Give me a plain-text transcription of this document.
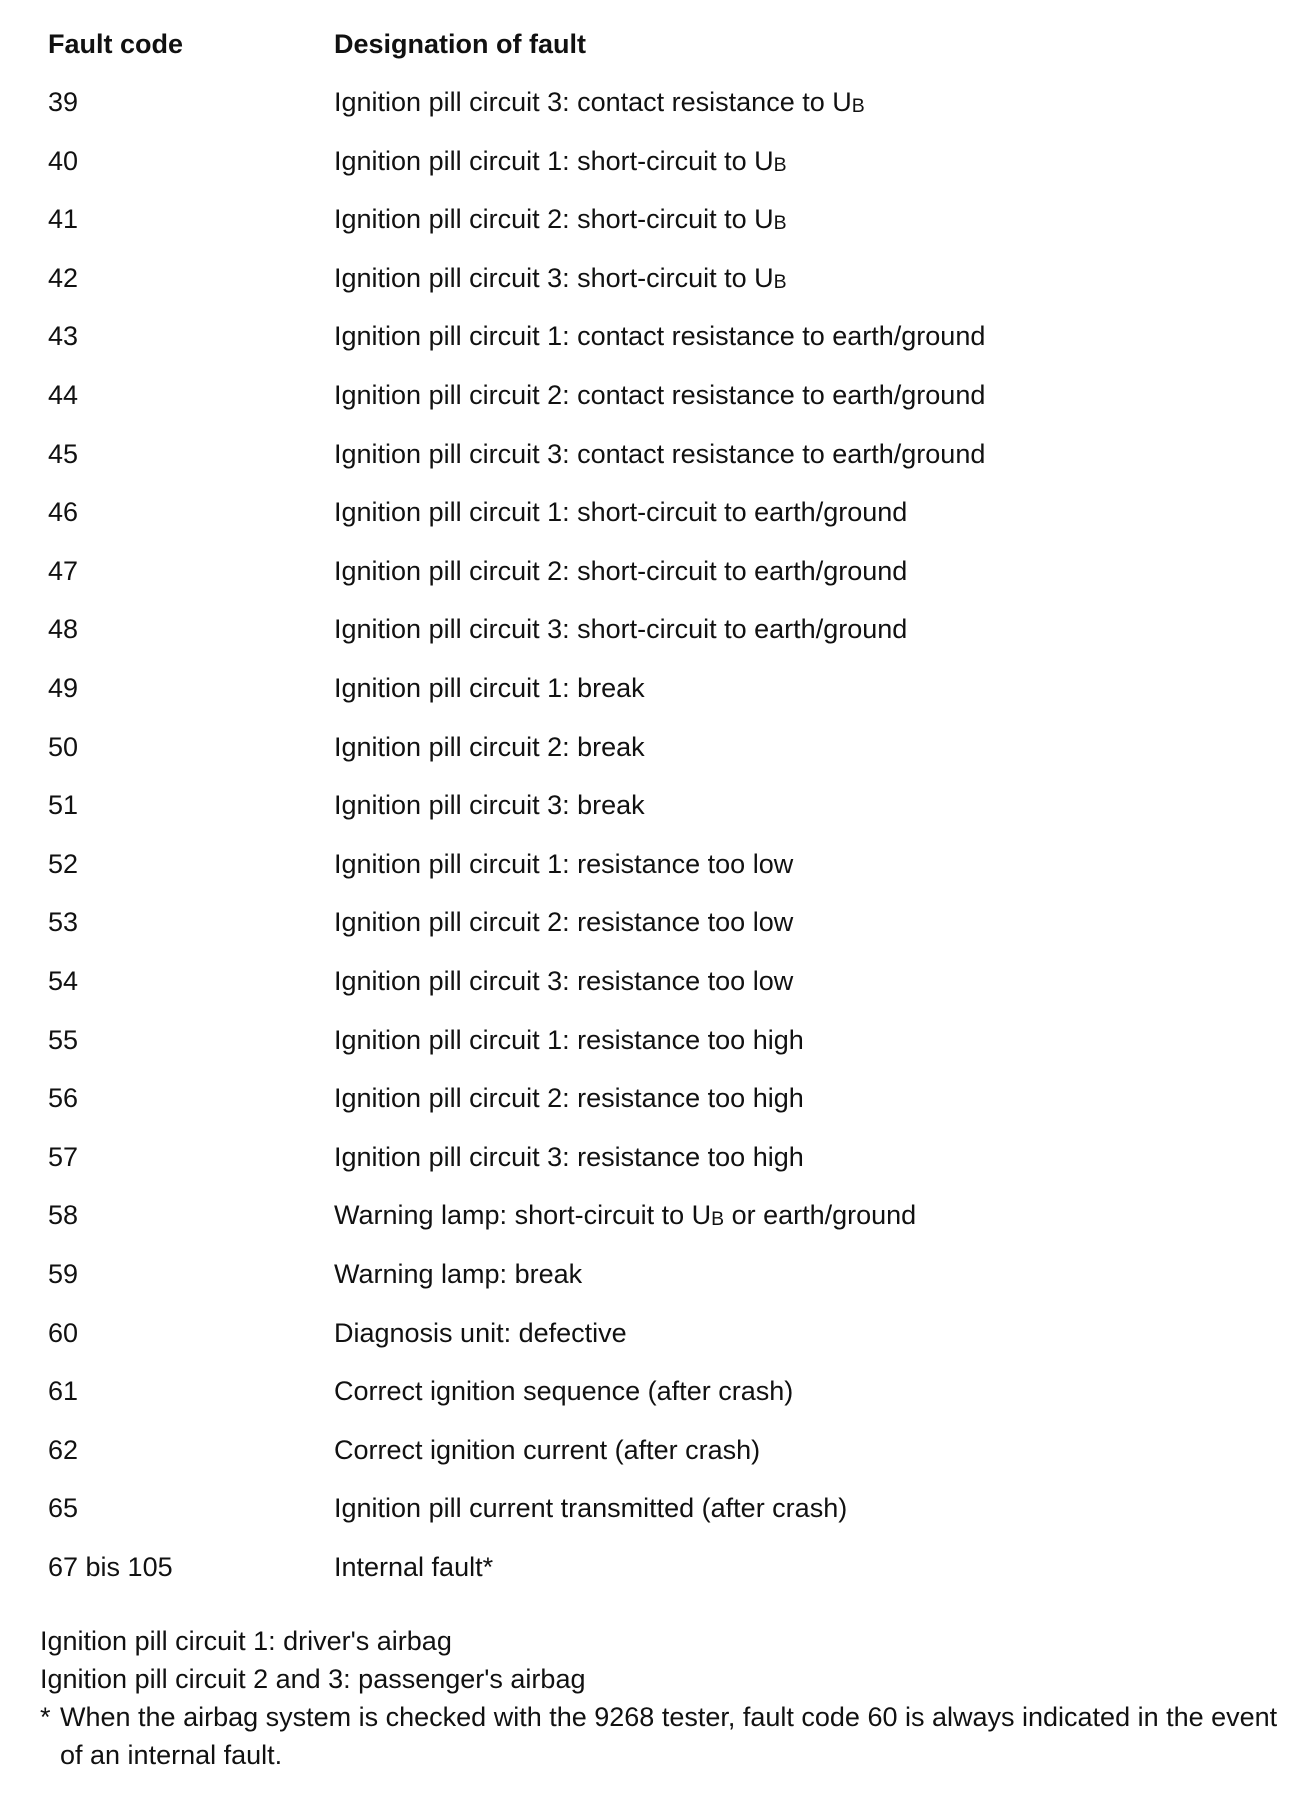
Fault code	Designation of fault
39	Ignition pill circuit 3: contact resistance to UB
40	Ignition pill circuit 1: short-circuit to UB
41	Ignition pill circuit 2: short-circuit to UB
42	Ignition pill circuit 3: short-circuit to UB
43	Ignition pill circuit 1: contact resistance to earth/ground
44	Ignition pill circuit 2: contact resistance to earth/ground
45	Ignition pill circuit 3: contact resistance to earth/ground
46	Ignition pill circuit 1: short-circuit to earth/ground
47	Ignition pill circuit 2: short-circuit to earth/ground
48	Ignition pill circuit 3: short-circuit to earth/ground
49	Ignition pill circuit 1: break
50	Ignition pill circuit 2: break
51	Ignition pill circuit 3: break
52	Ignition pill circuit 1: resistance too low
53	Ignition pill circuit 2: resistance too low
54	Ignition pill circuit 3: resistance too low
55	Ignition pill circuit 1: resistance too high
56	Ignition pill circuit 2: resistance too high
57	Ignition pill circuit 3: resistance too high
58	Warning lamp: short-circuit to UB or earth/ground
59	Warning lamp: break
60	Diagnosis unit: defective
61	Correct ignition sequence (after crash)
62	Correct ignition current (after crash)
65	Ignition pill current transmitted (after crash)
67 bis 105	Internal fault*
Ignition pill circuit 1: driver's airbag
Ignition pill circuit 2 and 3: passenger's airbag
* When the airbag system is checked with the 9268 tester, fault code 60 is always indicated in the event of an internal fault.
